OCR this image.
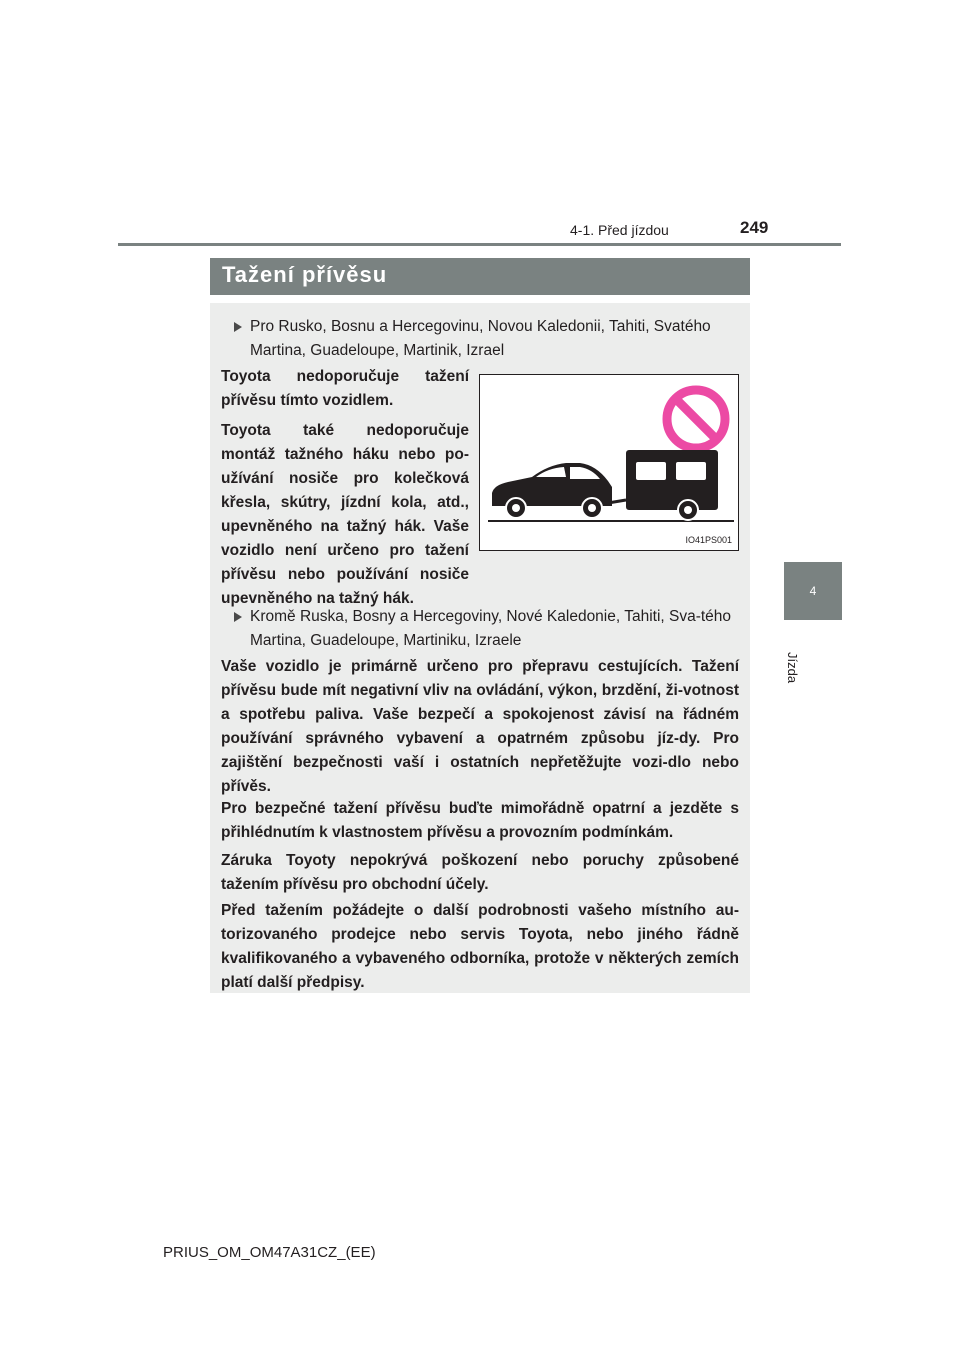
4-1. Před jízdou	249
4
Jízda
Tažení přívěsu
Pro Rusko, Bosnu a Hercegovinu, Novou Kaledonii, Tahiti, Svatého Martina, Guadeloupe, Martinik, Izrael
Toyota nedoporučuje tažení přívěsu tímto vozidlem.
Toyota také nedoporučuje montáž tažného háku nebo po-užívání nosiče pro kolečková křesla, skútry, jízdní kola, atd., upevněného na tažný hák. Vaše vozidlo není určeno pro tažení přívěsu nebo používání nosiče upevněného na tažný hák.
IO41PS001
Kromě Ruska, Bosny a Hercegoviny, Nové Kaledonie, Tahiti, Sva-tého Martina, Guadeloupe, Martiniku, Izraele
Vaše vozidlo je primárně určeno pro přepravu cestujících. Tažení přívěsu bude mít negativní vliv na ovládání, výkon, brzdění, ži-votnost a spotřebu paliva. Vaše bezpečí a spokojenost závisí na řádném používání správného vybavení a opatrném způsobu jíz-dy. Pro zajištění bezpečnosti vaší i ostatních nepřetěžujte vozi-dlo nebo přívěs.
Pro bezpečné tažení přívěsu buďte mimořádně opatrní a jezděte s přihlédnutím k vlastnostem přívěsu a provozním podmínkám.
Záruka Toyoty nepokrývá poškození nebo poruchy způsobené tažením přívěsu pro obchodní účely.
Před tažením požádejte o další podrobnosti vašeho místního au-torizovaného prodejce nebo servis Toyota, nebo jiného řádně kvalifikovaného a vybaveného odborníka, protože v některých zemích platí další předpisy.
PRIUS_OM_OM47A31CZ_(EE)
